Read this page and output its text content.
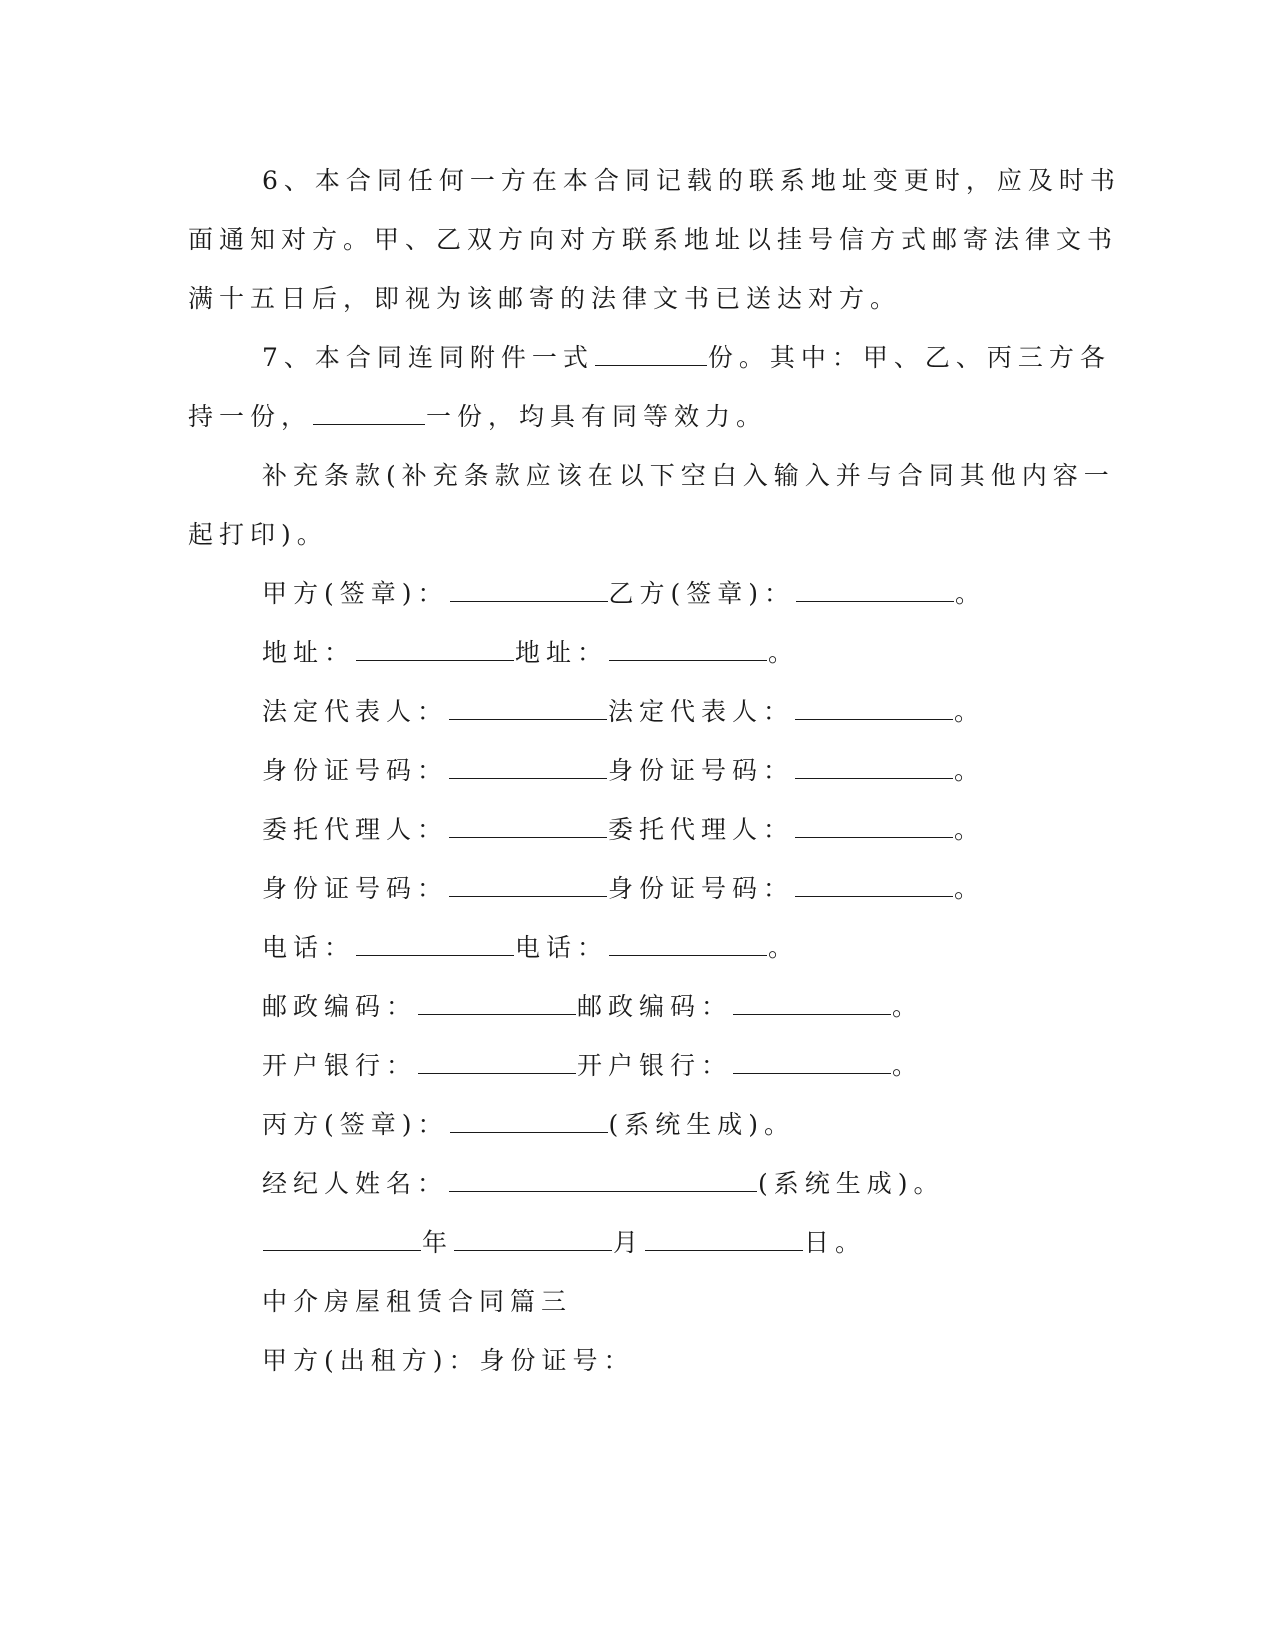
6、本合同任何一方在本合同记载的联系地址变更时，应及时书
面通知对方。甲、乙双方向对方联系地址以挂号信方式邮寄法律文书
满十五日后，即视为该邮寄的法律文书已送达对方。
7、本合同连同附件一式	份。其中：甲、乙、丙三方各
持一份，	一份，均具有同等效力。
补充条款(补充条款应该在以下空白入输入并与合同其他内容一
起打印)。
甲方(签章)：	乙方(签章)：	。
地址：	地址：	。
法定代表人：	法定代表人：	。
身份证号码：	身份证号码：	。
委托代理人：	委托代理人：	。
身份证号码：	身份证号码：	。
电话：	电话：	。
邮政编码：	邮政编码：	。
开户银行：	开户银行：	。
丙方(签章)：	(系统生成)。
经纪人姓名：	(系统生成)。
年	月	日。
中介房屋租赁合同篇三
甲方(出租方)：身份证号：
